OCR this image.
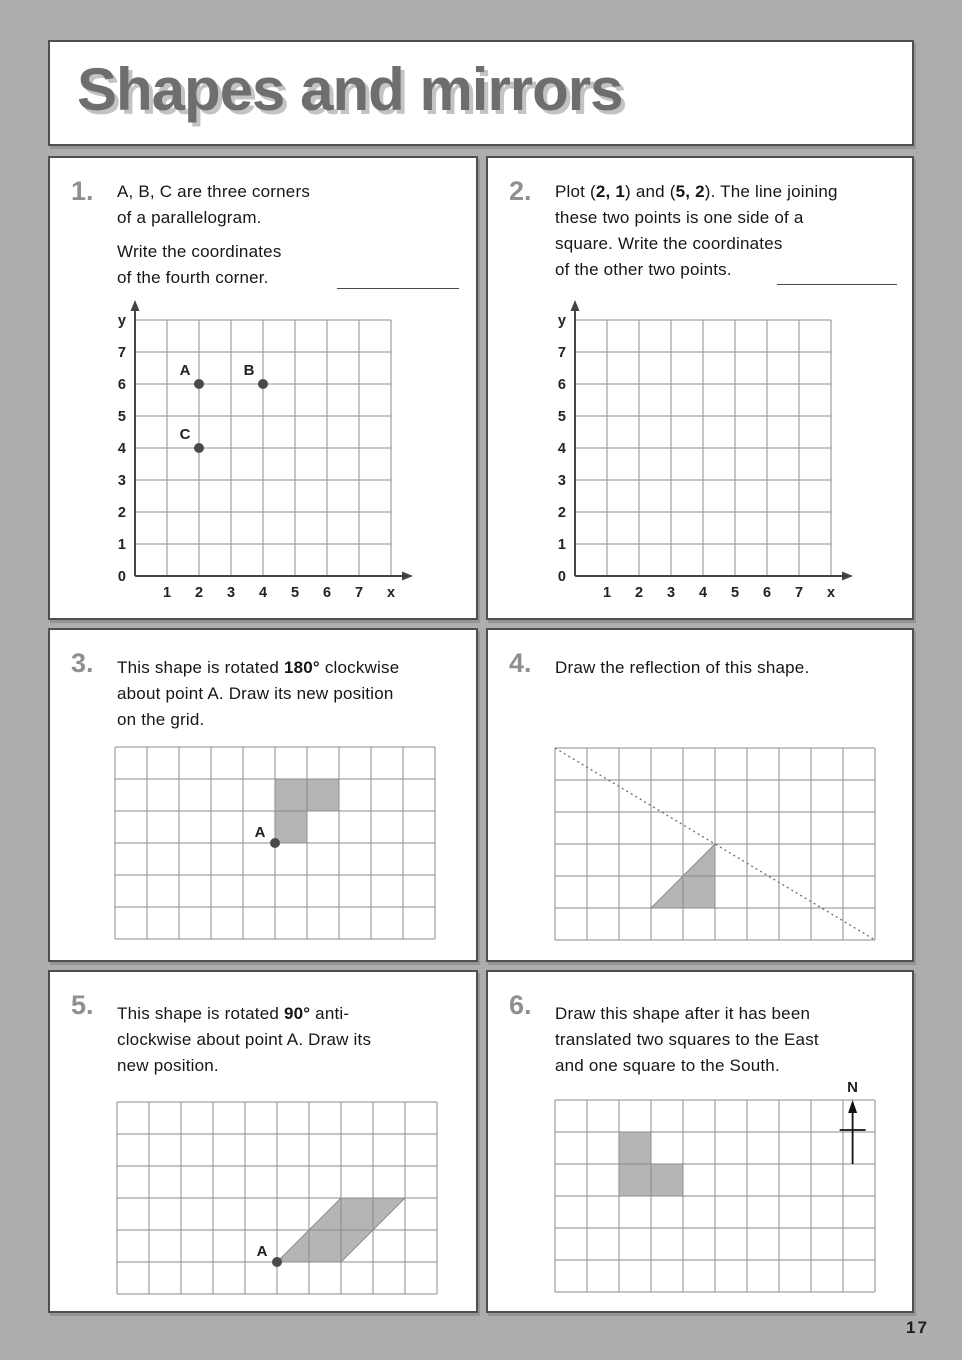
Shapes and mirrors
1. A, B, C are three corners
of a parallelogram.
Write the coordinates
of the fourth corner.
0
1
2
3
4
5
6
7
y
1 2 3 4 5 6 7 x
A	B
C
2. Plot (2, 1) and (5, 2). The line joining
these two points is one side of a
square. Write the coordinates
of the other two points.
0
1
2
3
4
5
6
7
y
1 2 3 4 5 6 7 x
3. This shape is rotated 180° clockwise
about point A. Draw its new position
on the grid.
A
4. Draw the reflection of this shape.
5. This shape is rotated 90° anti-
clockwise about point A. Draw its
new position.
A
6. Draw this shape after it has been
translated two squares to the East
and one square to the South.
N
17
